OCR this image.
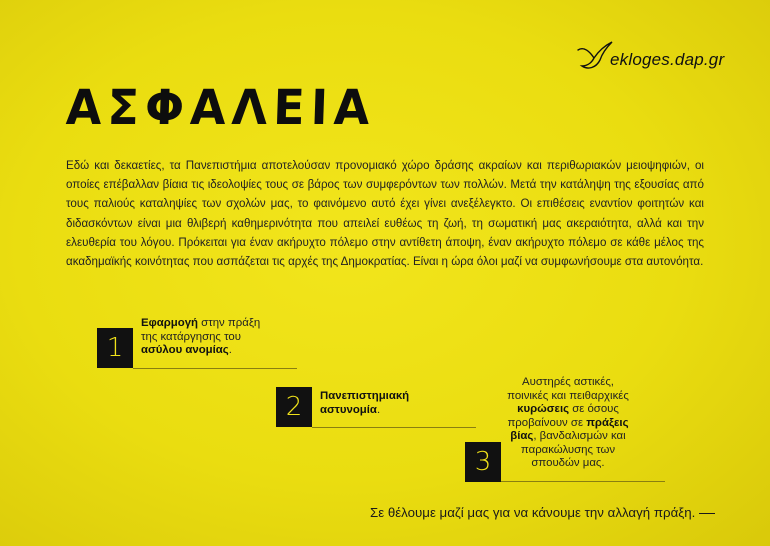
ekloges.dap.gr
ΑΣΦΑΛΕΙΑ

Εδώ και δεκαετίες, τα Πανεπιστήμια αποτελούσαν προνομιακό χώρο δράσης ακραίων και περιθωριακών μειοψηφιών, οι οποίες επέβαλλαν βίαια τις ιδεολοψίες τους σε βάρος των συμφερόντων των πολλών. Μετά την κατάληψη της εξουσίας από τους παλιούς καταληψίες των σχολών μας, το φαινόμενο αυτό έχει γίνει ανεξέλεγκτο. Οι επιθέσεις εναντίον φοιτητών και διδασκόντων είναι μια θλιβερή καθημερινότητα που απειλεί ευθέως τη ζωή, τη σωματική μας ακεραιότητα, αλλά και την ελευθερία του λόγου. Πρόκειται για έναν ακήρυχτο πόλεμο στην αντίθετη άποψη, έναν ακήρυχτο πόλεμο σε κάθε μέλος της ακαδημαϊκής κοινότητας που ασπάζεται τις αρχές της Δημοκρατίας. Είναι η ώρα όλοι μαζί να συμφωνήσουμε στα αυτονόητα.

1
Εφαρμογή στην πράξη
της κατάργησης του
ασύλου ανομίας.
2	Πανεπιστημιακή
αστυνομία.
3
Αυστηρές αστικές,
ποινικές και πειθαρχικές
κυρώσεις σε όσους
προβαίνουν σε πράξεις
βίας, βανδαλισμών και
παρακώλυσης των
σπουδών μας.
Σε θέλουμε μαζί μας για να κάνουμε την αλλαγή πράξη.
